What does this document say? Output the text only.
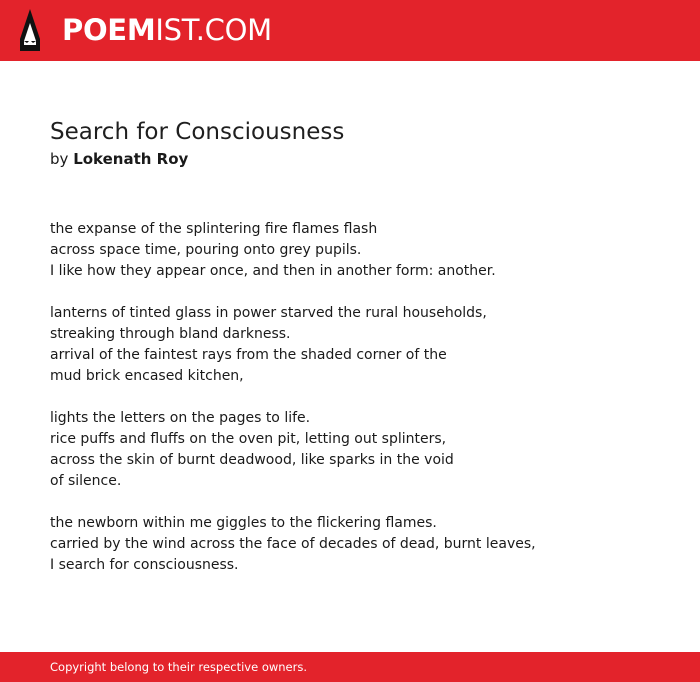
POEMIST.COM
Search for Consciousness
by Lokenath Roy
the expanse of the splintering fire flames flash
across space time, pouring onto grey pupils.
I like how they appear once, and then in another form: another.
lanterns of tinted glass in power starved the rural households,
streaking through bland darkness.
arrival of the faintest rays from the shaded corner of the
mud brick encased kitchen,
lights the letters on the pages to life.
rice puffs and fluffs on the oven pit, letting out splinters,
across the skin of burnt deadwood, like sparks in the void
of silence.
the newborn within me giggles to the flickering flames.
carried by the wind across the face of decades of dead, burnt leaves,
I search for consciousness.
Copyright belong to their respective owners.
